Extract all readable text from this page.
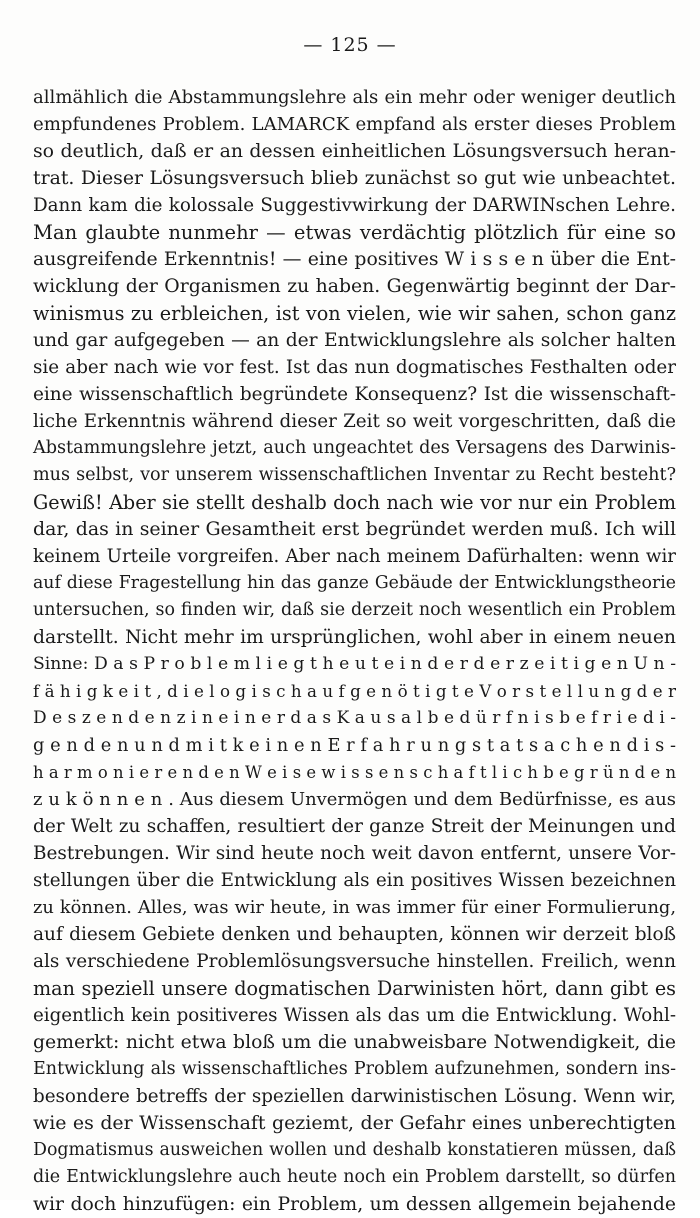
— 125 —
allmählich die Abstammungslehre als ein mehr oder weniger deutlich
empfundenes Problem. LAMARCK empfand als erster dieses Problem
so deutlich, daß er an dessen einheitlichen Lösungsversuch heran-
trat. Dieser Lösungsversuch blieb zunächst so gut wie unbeachtet.
Dann kam die kolossale Suggestivwirkung der DARWINschen Lehre.
Man glaubte nunmehr — etwas verdächtig plötzlich für eine so
ausgreifende Erkenntnis! — eine positives W i s s e n über die Ent-
wicklung der Organismen zu haben. Gegenwärtig beginnt der Dar-
winismus zu erbleichen, ist von vielen, wie wir sahen, schon ganz
und gar aufgegeben — an der Entwicklungslehre als solcher halten
sie aber nach wie vor fest. Ist das nun dogmatisches Festhalten oder
eine wissenschaftlich begründete Konsequenz? Ist die wissenschaft-
liche Erkenntnis während dieser Zeit so weit vorgeschritten, daß die
Abstammungslehre jetzt, auch ungeachtet des Versagens des Darwinis-
mus selbst, vor unserem wissenschaftlichen Inventar zu Recht besteht?
Gewiß! Aber sie stellt deshalb doch nach wie vor nur ein Problem
dar, das in seiner Gesamtheit erst begründet werden muß. Ich will
keinem Urteile vorgreifen. Aber nach meinem Dafürhalten: wenn wir
auf diese Fragestellung hin das ganze Gebäude der Entwicklungstheorie
untersuchen, so finden wir, daß sie derzeit noch wesentlich ein Problem
darstellt. Nicht mehr im ursprünglichen, wohl aber in einem neuen
Sinne: D a s P r o b l e m l i e g t h e u t e i n d e r d e r z e i t i g e n U n -
f ä h i g k e i t , d i e l o g i s c h a u f g e n ö t i g t e V o r s t e l l u n g d e r
D e s z e n d e n z i n e i n e r d a s K a u s a l b e d ü r f n i s b e f r i e d i -
g e n d e n u n d m i t k e i n e n E r f a h r u n g s t a t s a c h e n d i s -
h a r m o n i e r e n d e n W e i s e w i s s e n s c h a f t l i c h b e g r ü n d e n
z u k ö n n e n . Aus diesem Unvermögen und dem Bedürfnisse, es aus
der Welt zu schaffen, resultiert der ganze Streit der Meinungen und
Bestrebungen. Wir sind heute noch weit davon entfernt, unsere Vor-
stellungen über die Entwicklung als ein positives Wissen bezeichnen
zu können. Alles, was wir heute, in was immer für einer Formulierung,
auf diesem Gebiete denken und behaupten, können wir derzeit bloß
als verschiedene Problemlösungsversuche hinstellen. Freilich, wenn
man speziell unsere dogmatischen Darwinisten hört, dann gibt es
eigentlich kein positiveres Wissen als das um die Entwicklung. Wohl-
gemerkt: nicht etwa bloß um die unabweisbare Notwendigkeit, die
Entwicklung als wissenschaftliches Problem aufzunehmen, sondern ins-
besondere betreffs der speziellen darwinistischen Lösung. Wenn wir,
wie es der Wissenschaft geziemt, der Gefahr eines unberechtigten
Dogmatismus ausweichen wollen und deshalb konstatieren müssen, daß
die Entwicklungslehre auch heute noch ein Problem darstellt, so dürfen
wir doch hinzufügen: ein Problem, um dessen allgemein bejahende
